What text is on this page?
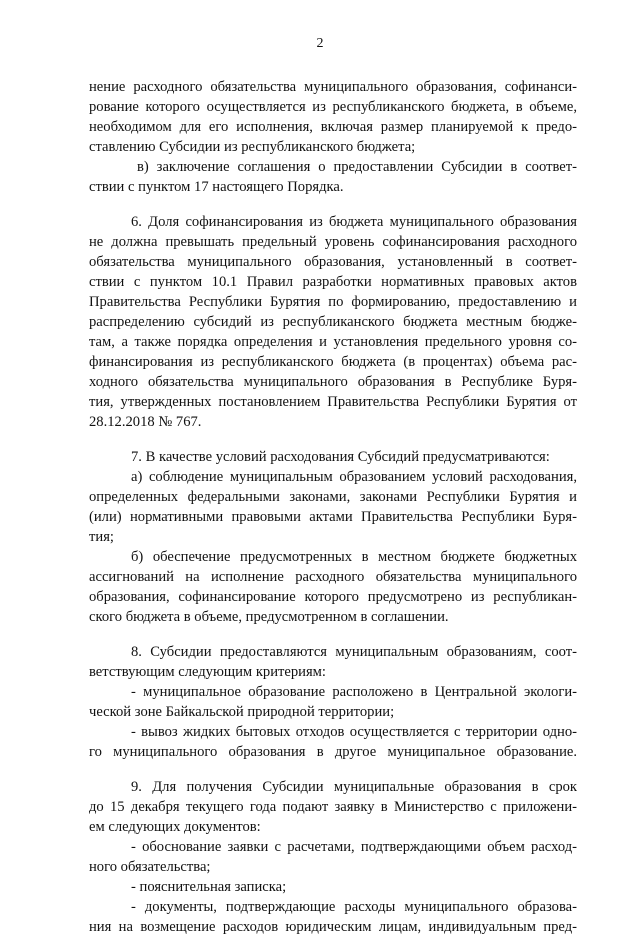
2
нение расходного обязательства муниципального образования, софинанси-
рование которого осуществляется из республиканского бюджета, в объеме,
необходимом для его исполнения, включая размер планируемой к предо-
ставлению Субсидии из республиканского бюджета;
в) заключение соглашения о предоставлении Субсидии в соответ-
ствии с пунктом 17 настоящего Порядка.
6. Доля софинансирования из бюджета муниципального образования
не должна превышать предельный уровень софинансирования расходного
обязательства муниципального образования, установленный в соответ-
ствии с пунктом 10.1 Правил разработки нормативных правовых актов
Правительства Республики Бурятия по формированию, предоставлению и
распределению субсидий из республиканского бюджета местным бюдже-
там, а также порядка определения и установления предельного уровня со-
финансирования из республиканского бюджета (в процентах) объема рас-
ходного обязательства муниципального образования в Республике Буря-
тия, утвержденных постановлением Правительства Республики Бурятия от
28.12.2018 № 767.
7. В качестве условий расходования Субсидий предусматриваются:
а) соблюдение муниципальным образованием условий расходования,
определенных федеральными законами, законами Республики Бурятия и
(или) нормативными правовыми актами Правительства Республики Буря-
тия;
б) обеспечение предусмотренных в местном бюджете бюджетных
ассигнований на исполнение расходного обязательства муниципального
образования, софинансирование которого предусмотрено из республикан-
ского бюджета в объеме, предусмотренном в соглашении.
8. Субсидии предоставляются муниципальным образованиям, соот-
ветствующим следующим критериям:
- муниципальное образование расположено в Центральной экологи-
ческой зоне Байкальской природной территории;
- вывоз жидких бытовых отходов осуществляется с территории одно-
го муниципального образования в другое муниципальное образование.
9. Для получения Субсидии муниципальные образования в срок
до 15 декабря текущего года подают заявку в Министерство с приложени-
ем следующих документов:
- обоснование заявки с расчетами, подтверждающими объем расход-
ного обязательства;
- пояснительная записка;
- документы, подтверждающие расходы муниципального образова-
ния на возмещение расходов юридическим лицам, индивидуальным пред-
